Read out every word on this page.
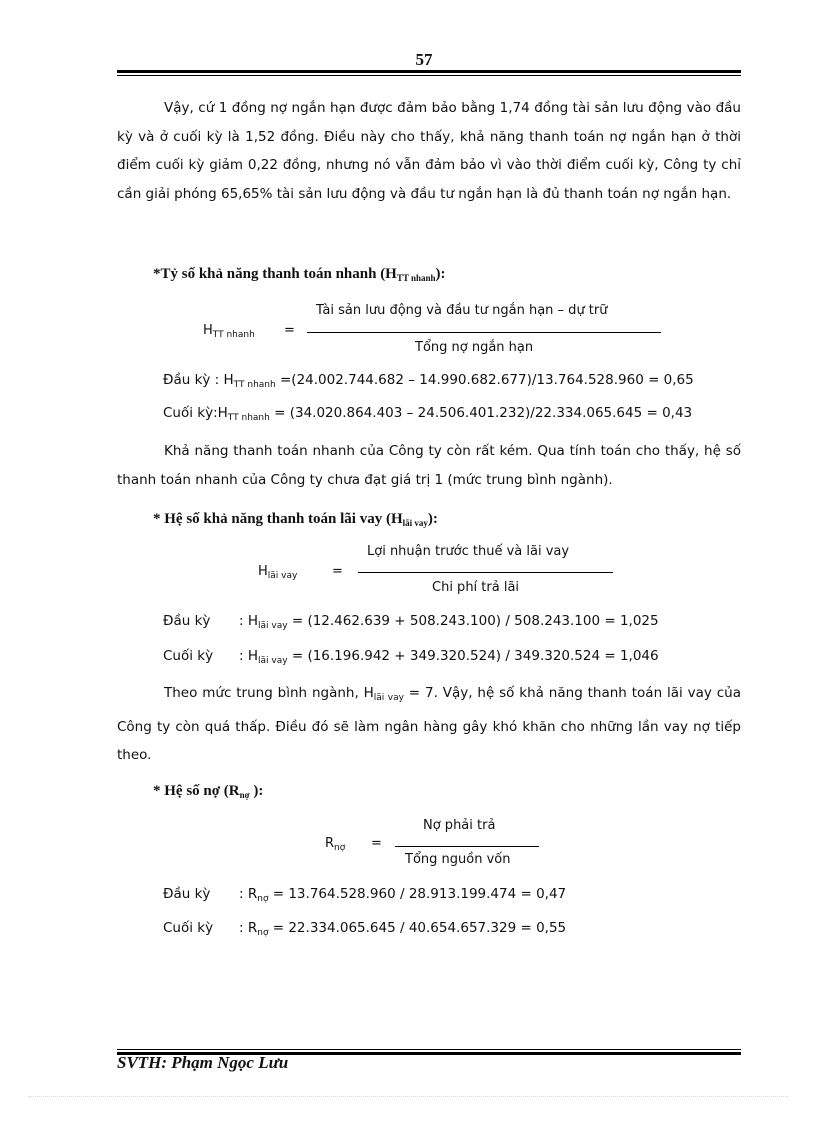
57
Vậy, cứ 1 đồng nợ ngắn hạn được đảm bảo bằng 1,74 đồng tài sản lưu động vào đầu kỳ và ở cuối kỳ là 1,52 đồng. Điều này cho thấy, khả năng thanh toán nợ ngắn hạn ở thời điểm cuối kỳ giảm 0,22 đồng, nhưng nó vẫn đảm bảo vì vào thời điểm cuối kỳ, Công ty chỉ cần giải phóng 65,65% tài sản lưu động và đầu tư ngắn hạn là đủ thanh toán nợ ngắn hạn.
*Tỷ số khả năng thanh toán nhanh $(H_{TT nhanh})$:
$H_{TT nhanh}$ =
Tài sản lưu động và đầu tư ngắn hạn – dự trữ
Tổng nợ ngắn hạn
Đầu kỳ : $H_{TT nhanh} =(24.002.744.682 - 14.990.682.677)/13.764.528.960 = 0,65$
Cuối $kỳ:H_{TT nhanh} = (34.020.864.403 - 24.506.401.232)/22.334.065.645 = 0,43$
Khả năng thanh toán nhanh của Công ty còn rất kém. Qua tính toán cho thấy, hệ số thanh toán nhanh của Công ty chưa đạt giá trị 1 (mức trung bình ngành).
* Hệ số khả năng thanh toán lãi vay $(H_{lãi vay})$:
$H_{lãi vay}$	=
Lợi nhuận trước thuế và lãi vay
Chi phí trả lãi
Đầu kỳ : $H_{lãi vay} = (12.462.639 + 508.243.100) / 508.243.100 = 1,025$
Cuối kỳ : $H_{lãi vay} = (16.196.942 + 349.320.524) / 349.320.524 = 1,046$
Theo mức trung bình ngành, $H_{lãi vay} = 7$. Vậy, hệ số khả năng thanh toán lãi vay của Công ty còn quá thấp. Điều đó sẽ làm ngân hàng gây khó khăn cho những lần vay nợ tiếp theo.
* Hệ số nợ ($R_{nợ}$ ):
$R_{nợ}$ =
Nợ phải trả
Tổng nguồn vốn
Đầu kỳ : $R_{nợ} = 13.764.528.960 / 28.913.199.474 = 0,47$
Cuối kỳ : $R_{nợ} = 22.334.065.645 / 40.654.657.329 = 0,55$
SVTH: Phạm Ngọc Lưu
